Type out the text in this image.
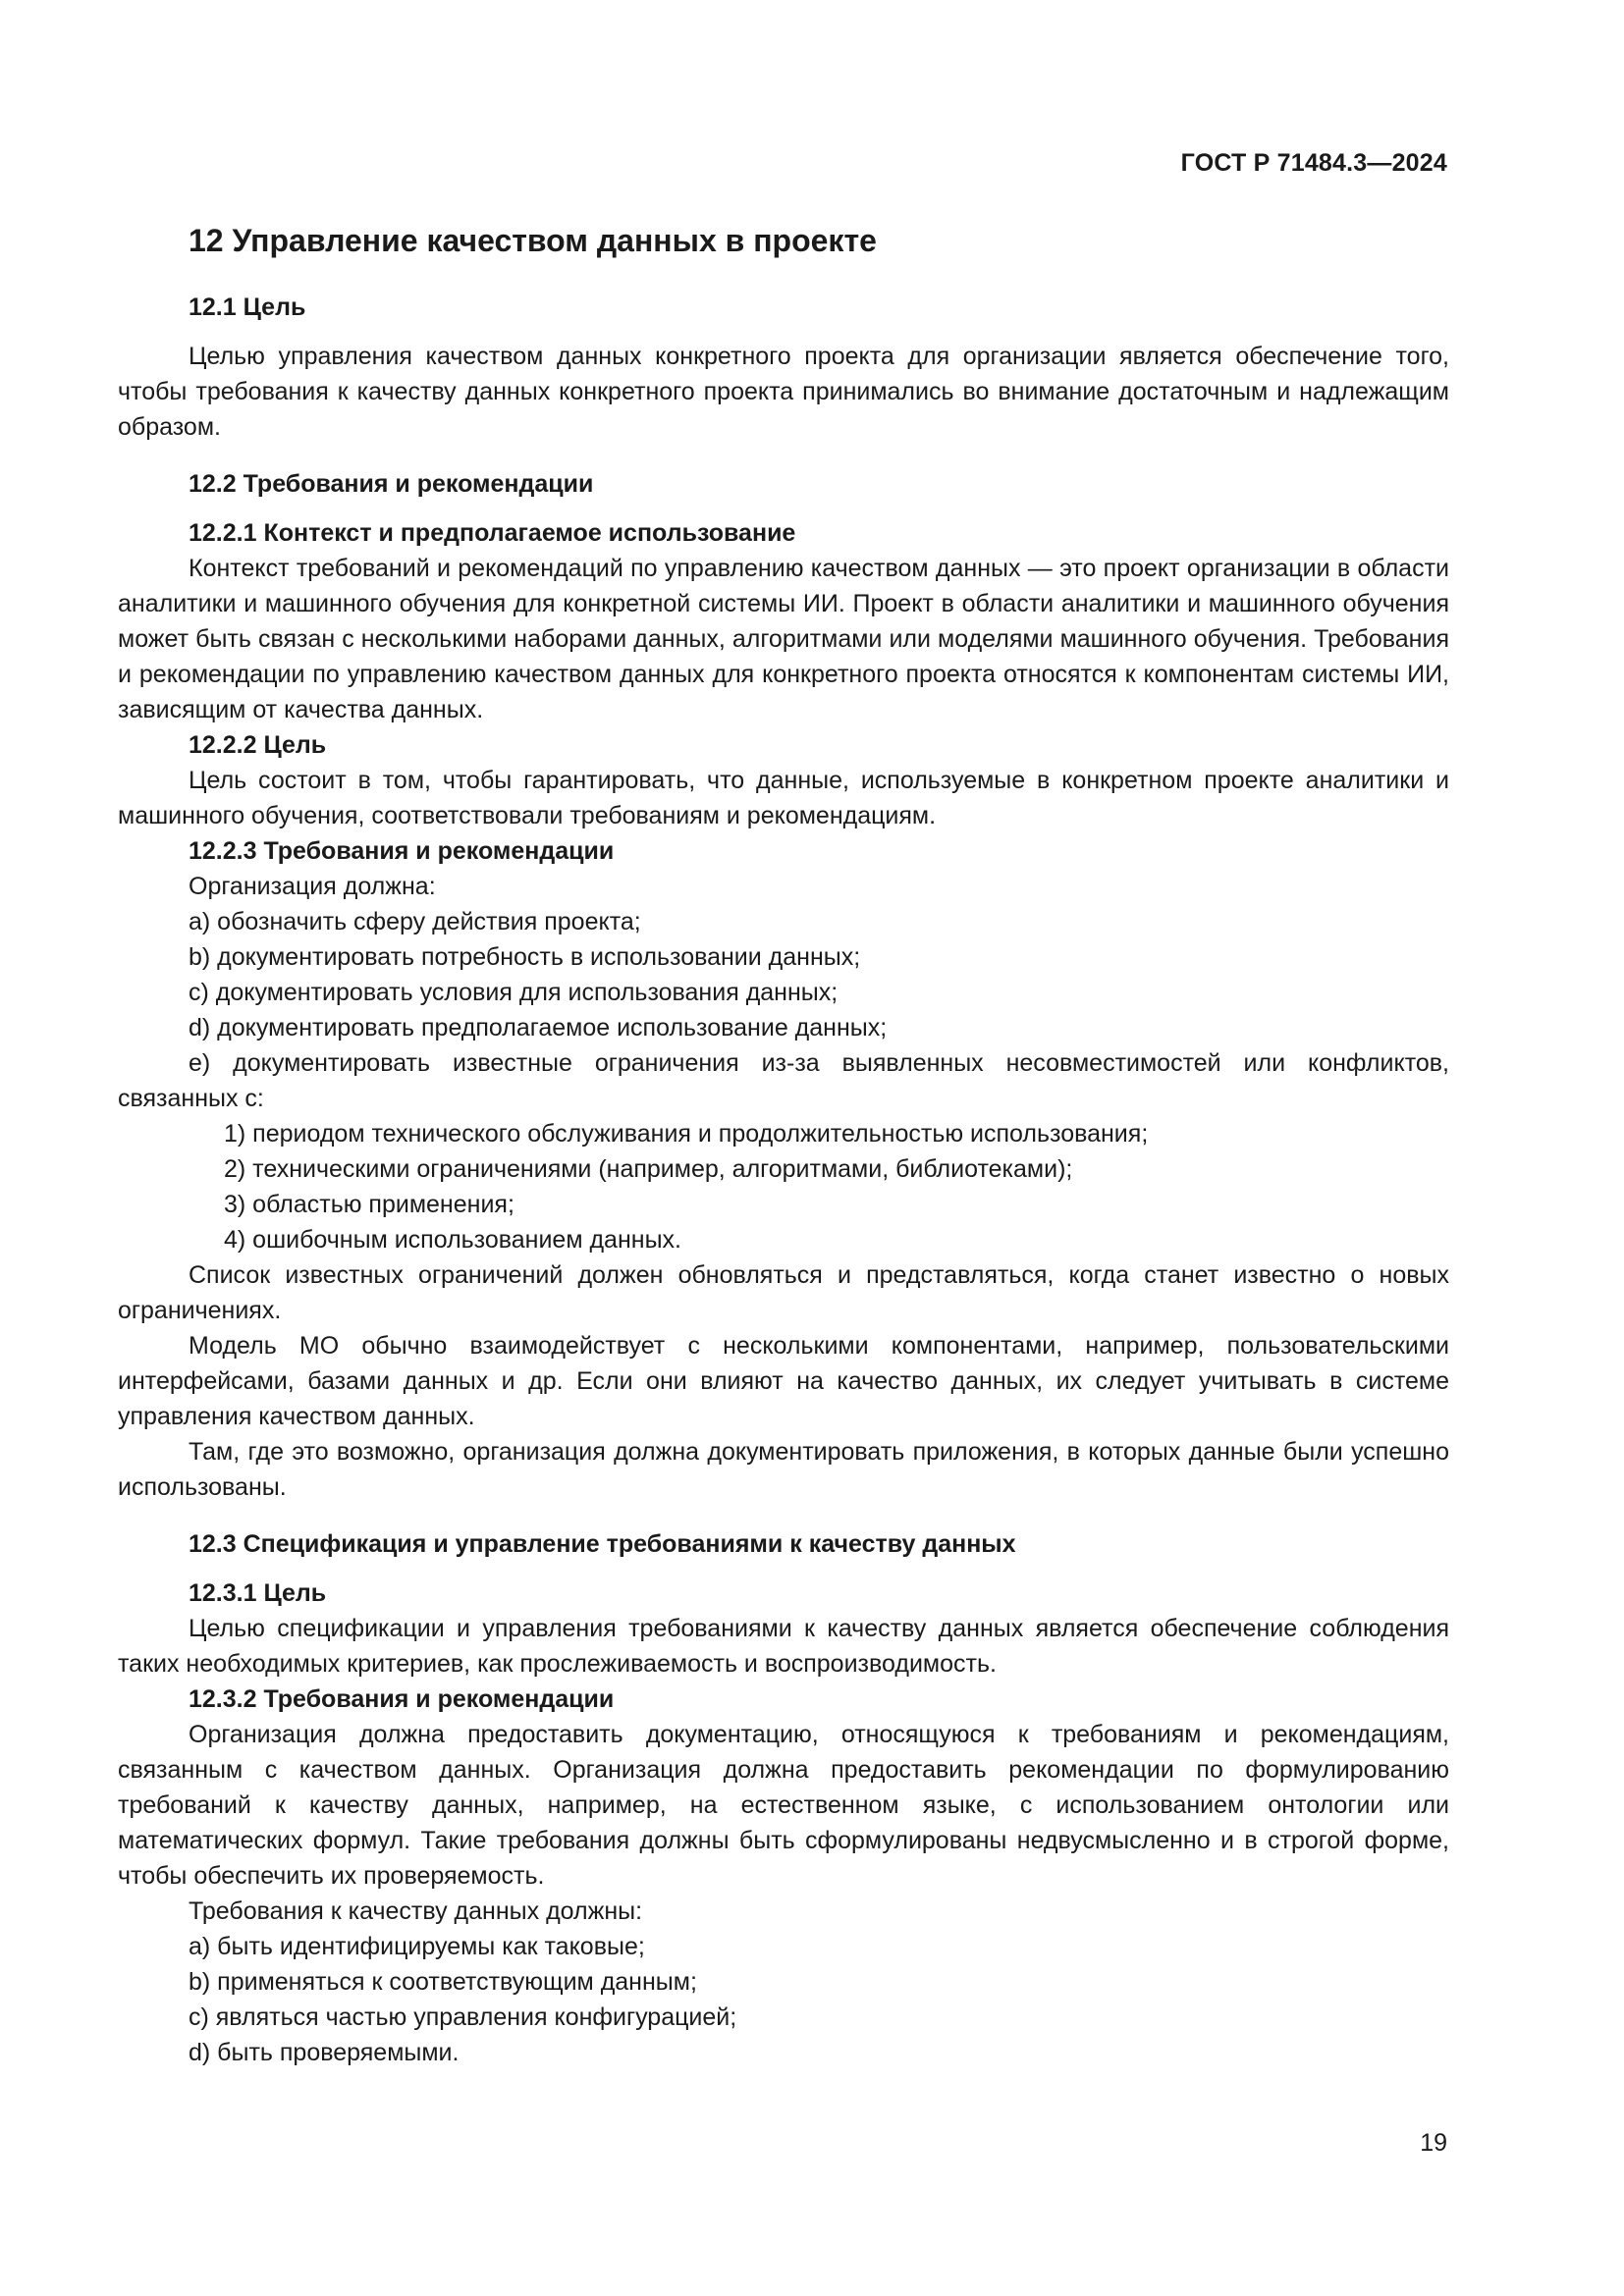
ГОСТ Р 71484.3—2024
12 Управление качеством данных в проекте
12.1 Цель

Целью управления качеством данных конкретного проекта для организации является обеспечение того, чтобы требования к качеству данных конкретного проекта принимались во внимание достаточным и надлежащим образом.

12.2 Требования и рекомендации
12.2.1 Контекст и предполагаемое использование

Контекст требований и рекомендаций по управлению качеством данных — это проект организации в области аналитики и машинного обучения для конкретной системы ИИ. Проект в области аналитики и машинного обучения может быть связан с несколькими наборами данных, алгоритмами или моделями машинного обучения. Требования и рекомендации по управлению качеством данных для конкретного проекта относятся к компонентам системы ИИ, зависящим от качества данных.

12.2.2 Цель

Цель состоит в том, чтобы гарантировать, что данные, используемые в конкретном проекте аналитики и машинного обучения, соответствовали требованиям и рекомендациям.

12.2.3 Требования и рекомендации
Организация должна:
a) обозначить сферу действия проекта;
b) документировать потребность в использовании данных;
c) документировать условия для использования данных;
d) документировать предполагаемое использование данных;

е) документировать известные ограничения из-за выявленных несовместимостей или конфликтов, связанных с:

1) периодом технического обслуживания и продолжительностью использования;
2) техническими ограничениями (например, алгоритмами, библиотеками);
3) областью применения;
4) ошибочным использованием данных.

Список известных ограничений должен обновляться и представляться, когда станет известно о новых ограничениях.

Модель МО обычно взаимодействует с несколькими компонентами, например, пользовательскими интерфейсами, базами данных и др. Если они влияют на качество данных, их следует учитывать в системе управления качеством данных.

Там, где это возможно, организация должна документировать приложения, в которых данные были успешно использованы.

12.3 Спецификация и управление требованиями к качеству данных
12.3.1 Цель

Целью спецификации и управления требованиями к качеству данных является обеспечение соблюдения таких необходимых критериев, как прослеживаемость и воспроизводимость.

12.3.2 Требования и рекомендации

Организация должна предоставить документацию, относящуюся к требованиям и рекомендациям, связанным с качеством данных. Организация должна предоставить рекомендации по формулированию требований к качеству данных, например, на естественном языке, с использованием онтологии или математических формул. Такие требования должны быть сформулированы недвусмысленно и в строгой форме, чтобы обеспечить их проверяемость.

Требования к качеству данных должны:
a) быть идентифицируемы как таковые;
b) применяться к соответствующим данным;
c) являться частью управления конфигурацией;
d) быть проверяемыми.
19
